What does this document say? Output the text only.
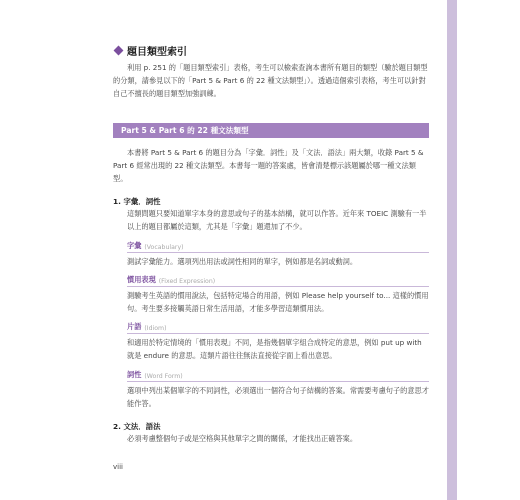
題目類型索引
利用 p. 251 的「題目類型索引」表格，考生可以檢索查詢本書所有題目的類型（驗於題目類型的分類，請參見以下的「Part 5 & Part 6 的 22 種文法類型」）。透過這個索引表格，考生可以針對自己不擅長的題目類型加強訓練。
Part 5 & Part 6 的 22 種文法類型
本書將 Part 5 & Part 6 的題目分為「字彙．詞性」及「文法．語法」兩大類，收錄 Part 5 & Part 6 經常出現的 22 種文法類型。本書每一題的答案處，皆會清楚標示該題屬於哪一種文法類型。
1. 字彙．詞性
這類問題只要知道單字本身的意思或句子的基本結構，就可以作答。近年來 TOEIC 測驗有一半以上的題目都屬於這類，尤其是「字彙」題還加了不少。
字彙 (Vocabulary)
測試字彙能力。選項列出用法或詞性相同的單字，例如都是名詞或動詞。
慣用表現 (Fixed Expression)
測驗考生英語的慣用說法，包括特定場合的用語，例如 Please help yourself to... 這樣的慣用句。考生要多接觸英語日常生活用語，才能多學習這類慣用法。
片語 (Idiom)
和適用於特定情境的「慣用表現」不同，是指幾個單字組合成特定的意思，例如 put up with 就是 endure 的意思。這類片語往往無法直接從字面上看出意思。
詞性 (Word Form)
選項中列出某個單字的不同詞性，必須選出一個符合句子結構的答案。常需要考慮句子的意思才能作答。
2. 文法．語法
必須考慮整個句子或是空格與其他單字之間的關係，才能找出正確答案。
viii
